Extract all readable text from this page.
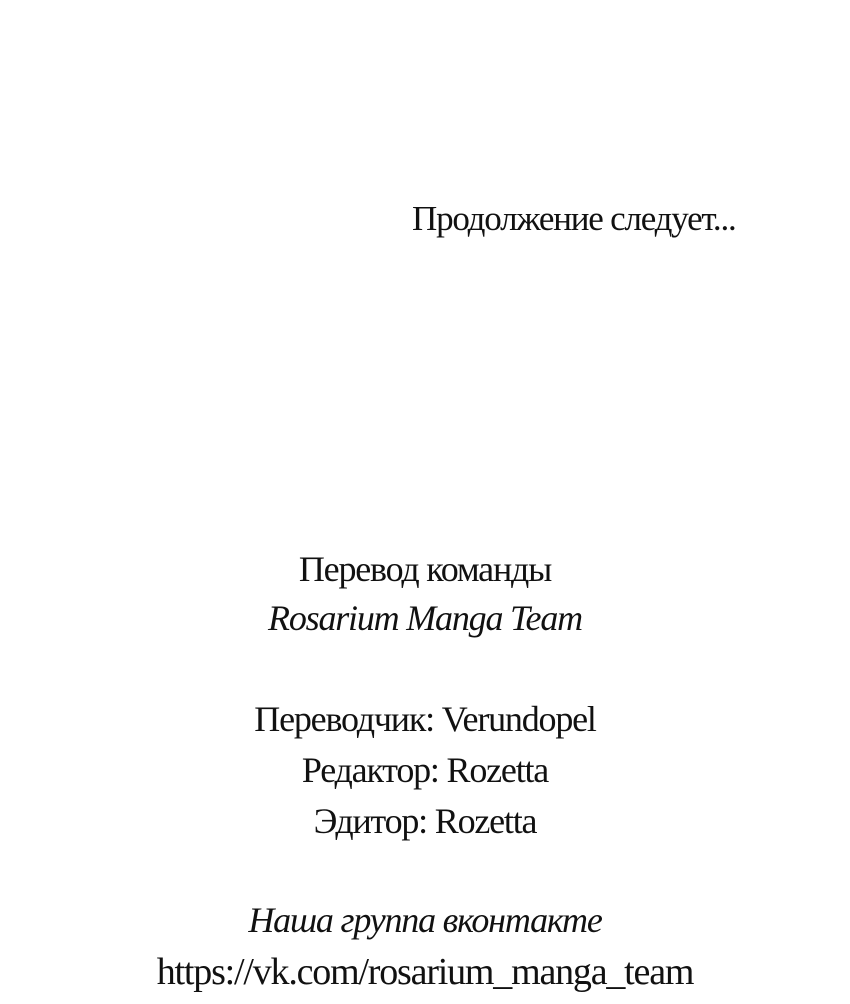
Продолжение следует...
Перевод команды
Rosarium Manga Team
Переводчик: Verundopel
Редактор: Rozetta
Эдитор: Rozetta
Наша группа вконтакте
https://vk.com/rosarium_manga_team
